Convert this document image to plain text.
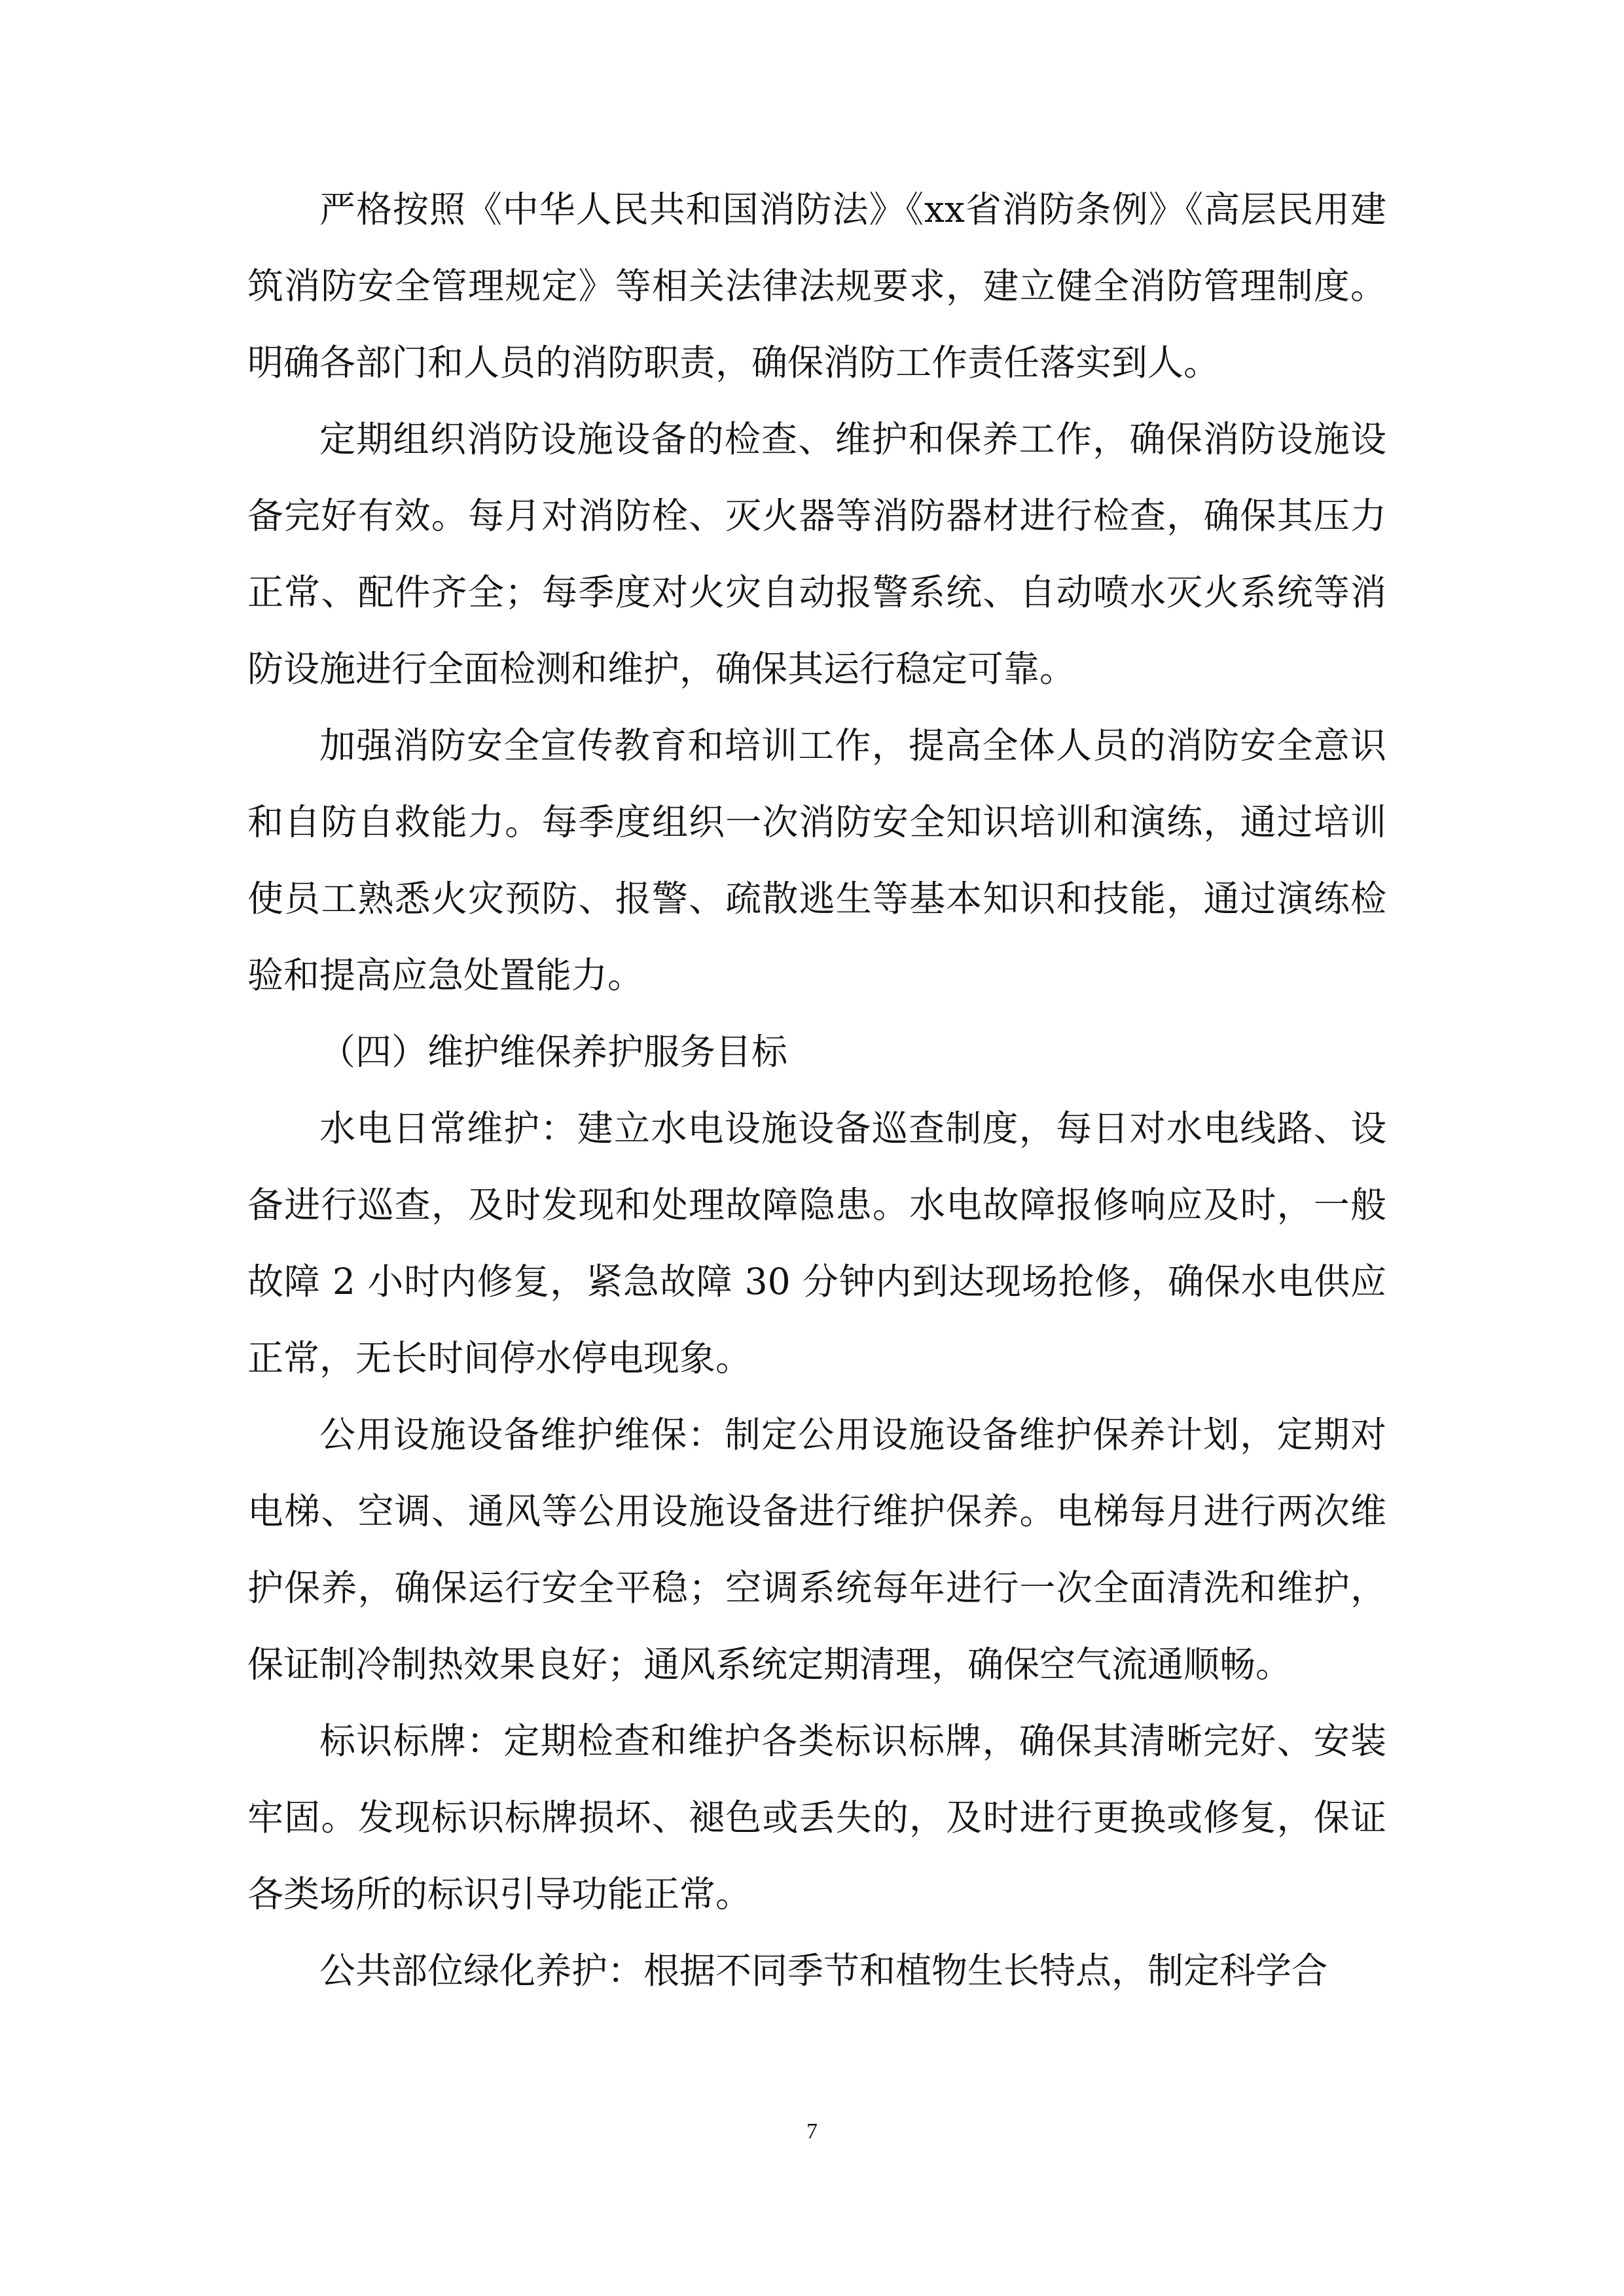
严格按照《中华人民共和国消防法》《xx省消防条例》《高层民用建筑消防安全管理规定》等相关法律法规要求，建立健全消防管理制度。明确各部门和人员的消防职责，确保消防工作责任落实到人。

定期组织消防设施设备的检查、维护和保养工作，确保消防设施设备完好有效。每月对消防栓、灭火器等消防器材进行检查，确保其压力正常、配件齐全；每季度对火灾自动报警系统、自动喷水灭火系统等消防设施进行全面检测和维护，确保其运行稳定可靠。

加强消防安全宣传教育和培训工作，提高全体人员的消防安全意识和自防自救能力。每季度组织一次消防安全知识培训和演练，通过培训使员工熟悉火灾预防、报警、疏散逃生等基本知识和技能，通过演练检验和提高应急处置能力。

（四）维护维保养护服务目标

水电日常维护：建立水电设施设备巡查制度，每日对水电线路、设备进行巡查，及时发现和处理故障隐患。水电故障报修响应及时，一般故障 2 小时内修复，紧急故障 30 分钟内到达现场抢修，确保水电供应正常，无长时间停水停电现象。

公用设施设备维护维保：制定公用设施设备维护保养计划，定期对电梯、空调、通风等公用设施设备进行维护保养。电梯每月进行两次维护保养，确保运行安全平稳；空调系统每年进行一次全面清洗和维护，保证制冷制热效果良好；通风系统定期清理，确保空气流通顺畅。

标识标牌：定期检查和维护各类标识标牌，确保其清晰完好、安装牢固。发现标识标牌损坏、褪色或丢失的，及时进行更换或修复，保证各类场所的标识引导功能正常。

公共部位绿化养护：根据不同季节和植物生长特点，制定科学合

7
